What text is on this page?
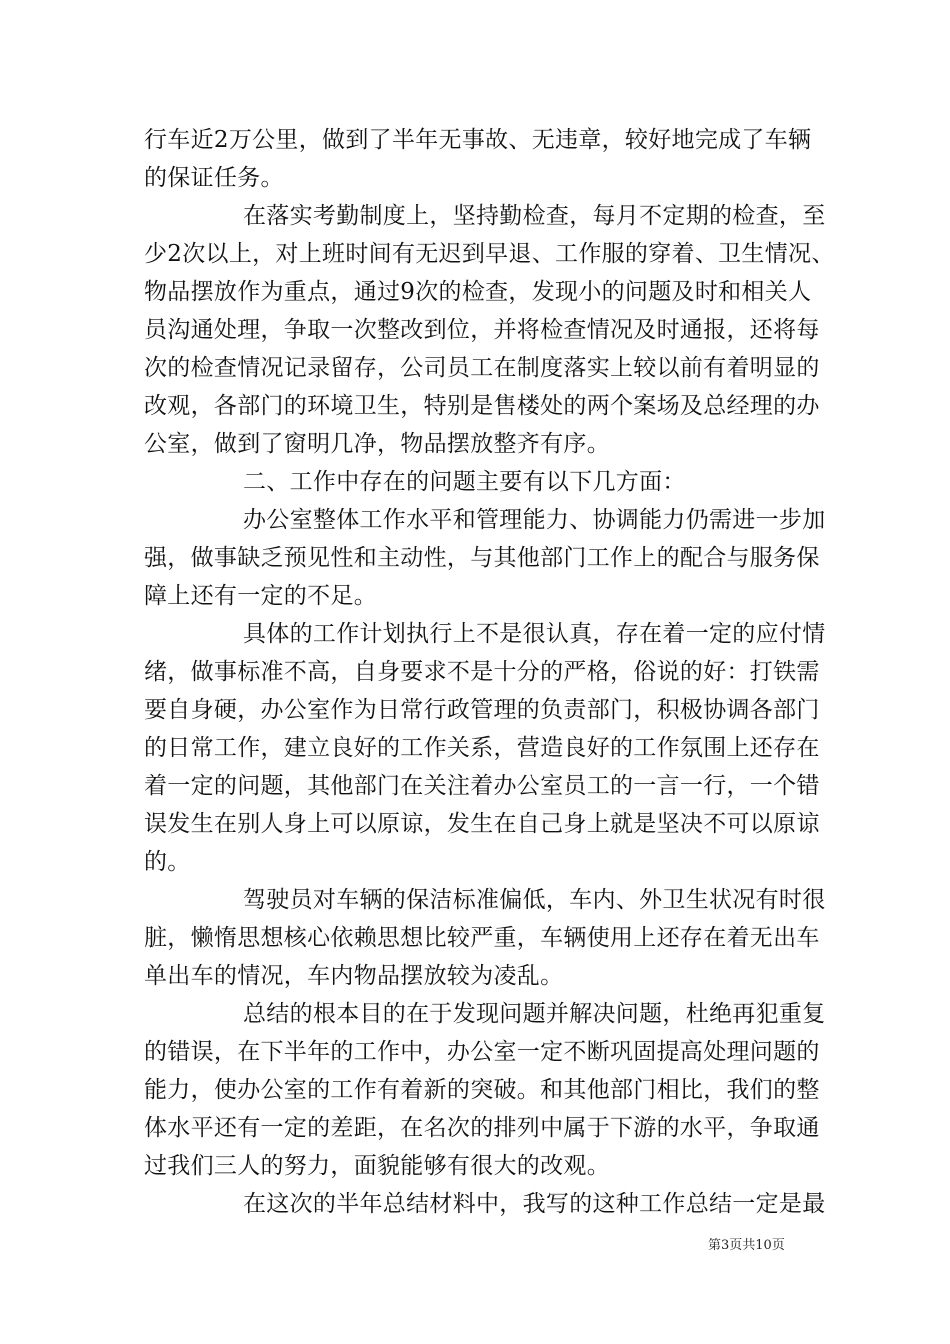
行车近2万公里，做到了半年无事故、无违章，较好地完成了车辆
的保证任务。
在落实考勤制度上，坚持勤检查，每月不定期的检查，至
少2次以上，对上班时间有无迟到早退、工作服的穿着、卫生情况、
物品摆放作为重点，通过9次的检查，发现小的问题及时和相关人
员沟通处理，争取一次整改到位，并将检查情况及时通报，还将每
次的检查情况记录留存，公司员工在制度落实上较以前有着明显的
改观，各部门的环境卫生，特别是售楼处的两个案场及总经理的办
公室，做到了窗明几净，物品摆放整齐有序。
二、工作中存在的问题主要有以下几方面：
办公室整体工作水平和管理能力、协调能力仍需进一步加
强，做事缺乏预见性和主动性，与其他部门工作上的配合与服务保
障上还有一定的不足。
具体的工作计划执行上不是很认真，存在着一定的应付情
绪，做事标准不高，自身要求不是十分的严格，俗说的好：打铁需
要自身硬，办公室作为日常行政管理的负责部门，积极协调各部门
的日常工作，建立良好的工作关系，营造良好的工作氛围上还存在
着一定的问题，其他部门在关注着办公室员工的一言一行，一个错
误发生在别人身上可以原谅，发生在自己身上就是坚决不可以原谅
的。
驾驶员对车辆的保洁标准偏低，车内、外卫生状况有时很
脏，懒惰思想核心依赖思想比较严重，车辆使用上还存在着无出车
单出车的情况，车内物品摆放较为凌乱。
总结的根本目的在于发现问题并解决问题，杜绝再犯重复
的错误，在下半年的工作中，办公室一定不断巩固提高处理问题的
能力，使办公室的工作有着新的突破。和其他部门相比，我们的整
体水平还有一定的差距，在名次的排列中属于下游的水平，争取通
过我们三人的努力，面貌能够有很大的改观。
在这次的半年总结材料中，我写的这种工作总结一定是最
第3页共10页
